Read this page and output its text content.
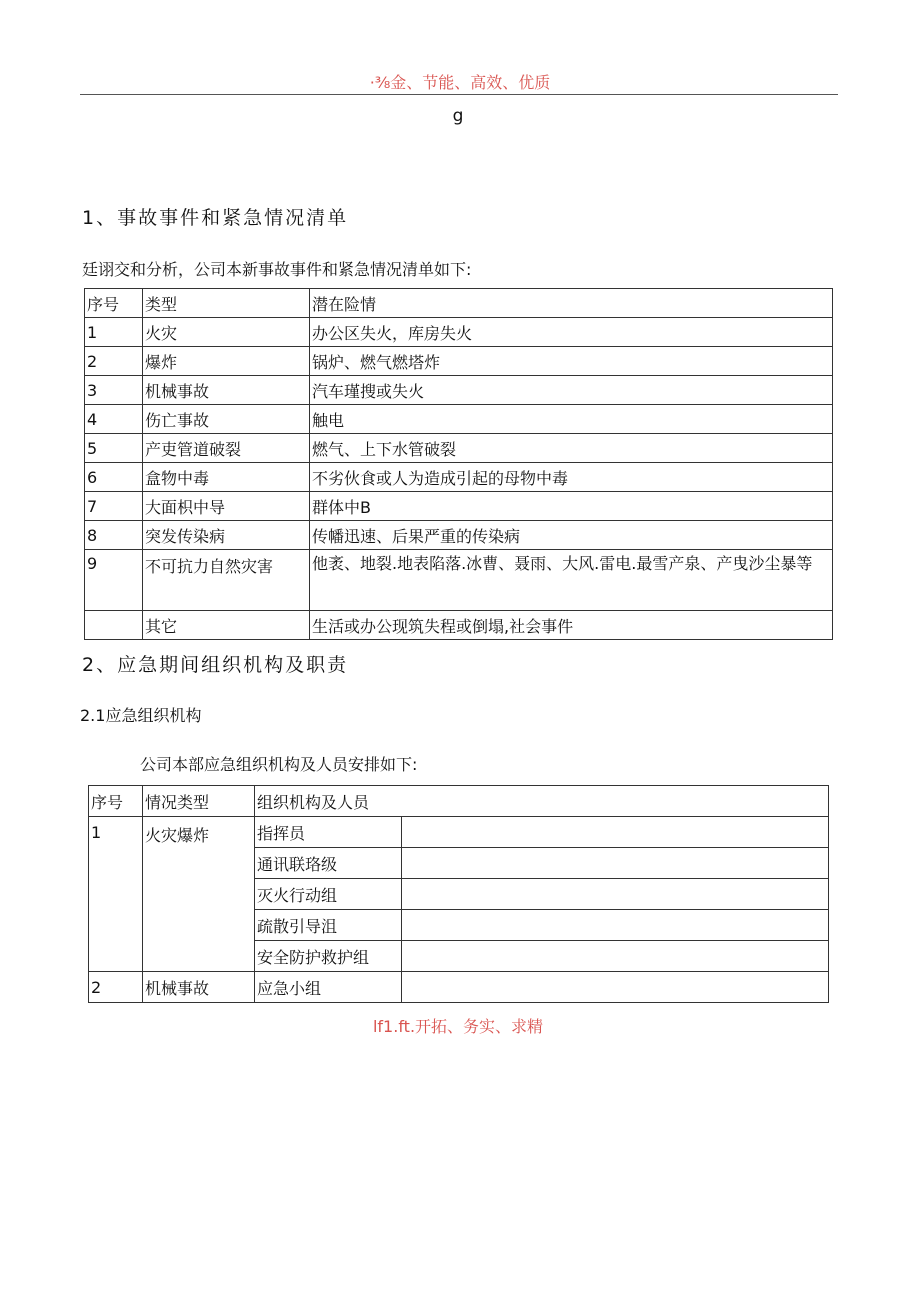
·⅜金、节能、高效、优质
g
1、事故事件和紧急情况清单
廷诩交和分析，公司本新事故事件和紧急情况清单如下:
序号	类型	潜在险情
1	火灾	办公区失火，库房失火
2	爆炸	锅炉、燃气燃塔炸
3	机械事故	汽车瑾搜或失火
4	伤亡事故	触电
5	产吏管道破裂	燃气、上下水管破裂
6	盒物中毒	不劣伙食或人为造成引起的母物中毒
7	大面枳中导	群体中B
8	突发传染病	传幡迅速、后果严重的传染病
9	不可抗力自然灾害	他袤、地裂.地表陷落.冰曹、聂雨、大风.雷电.最雪产泉、产曳沙尘暴等
	其它	生活或办公现筑失程或倒塌,社会事件
2、应急期间组织机构及职责
2.1应急组织机构
公司本部应急组织机构及人员安排如下:
序号	情况类型	组织机构及人员	
1	火灾爆炸	指挥员	
		通讯联珞级	
		灭火行动组	
		疏散引导沮	
		安全防护救护组	
2	机械事故	应急小组	
lf1.ft.开拓、务实、求精
